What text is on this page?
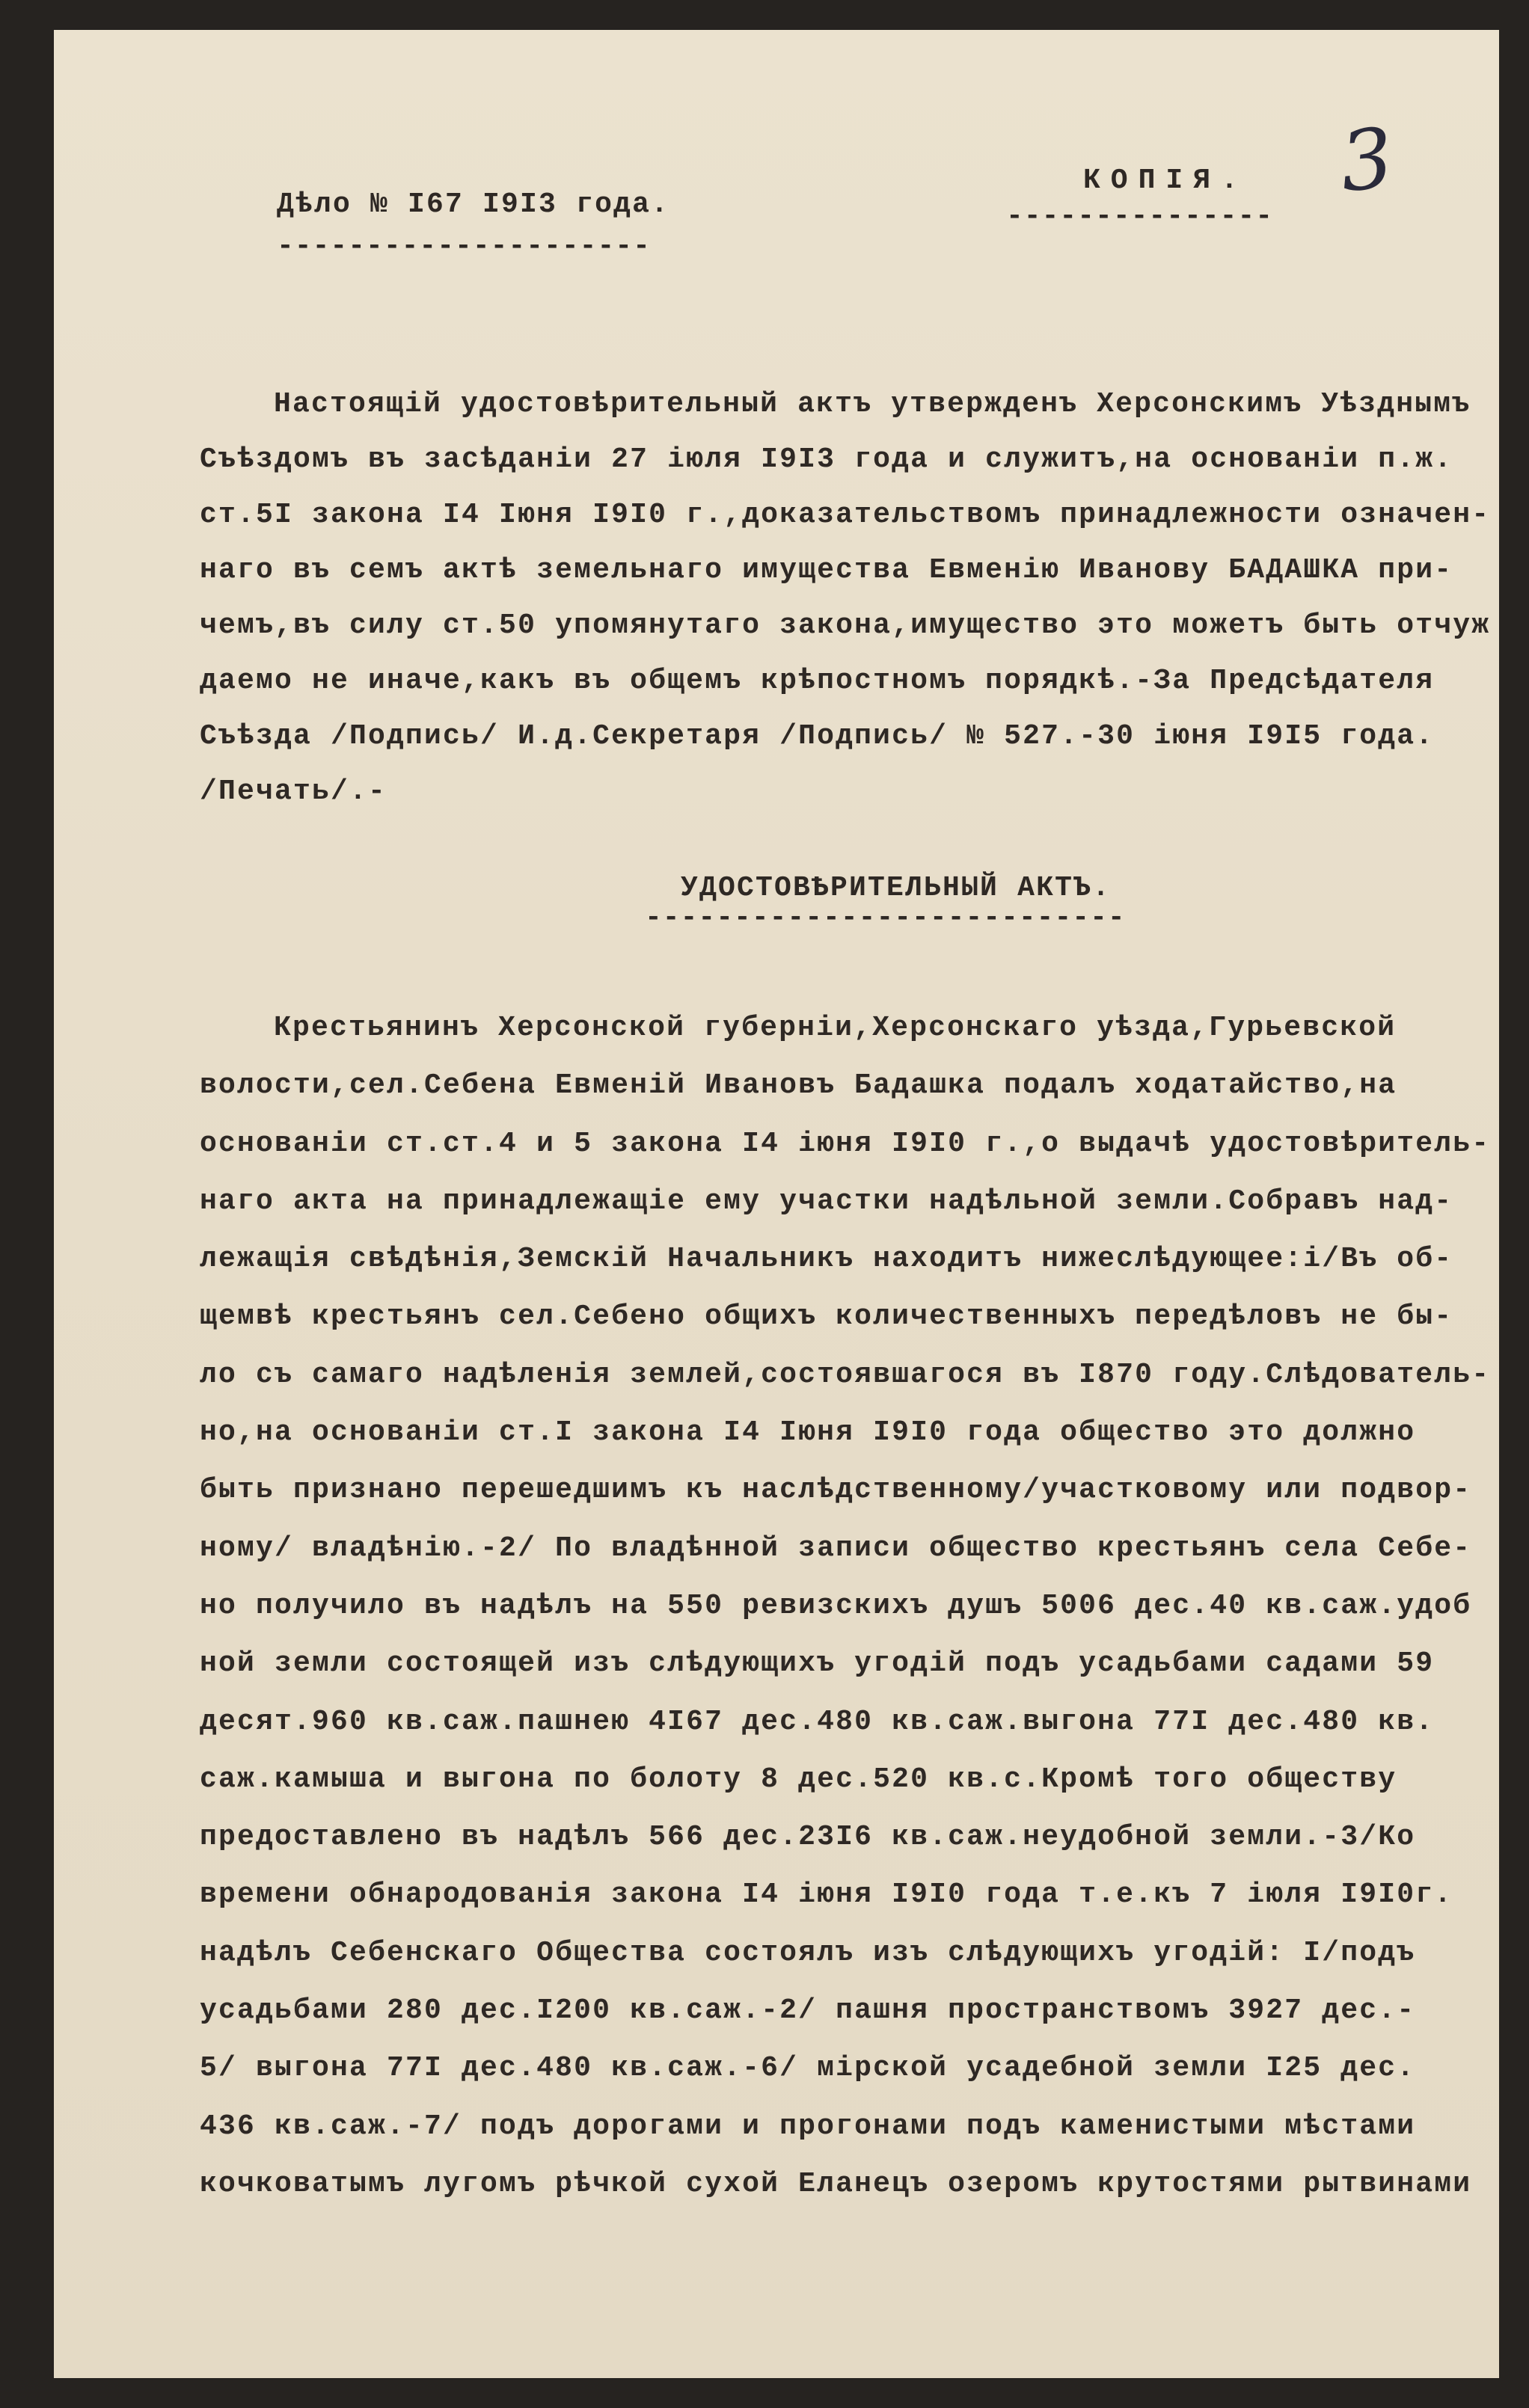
Дѣло № I67 I9I3 года.
---------------------
КОПІЯ.
---------------
3
Настоящій удостовѣрительный актъ утвержденъ Херсонскимъ Уѣзднымъ
Съѣздомъ въ засѣданіи 27 іюля I9I3 года и служитъ,на основаніи п.ж.
ст.5I закона I4 Іюня I9I0 г.,доказательствомъ принадлежности означен-
наго въ семъ актѣ земельнаго имущества Евменію Иванову БАДАШКА при-
чемъ,въ силу ст.50 упомянутаго закона,имущество это можетъ быть отчуж
даемо не иначе,какъ въ общемъ крѣпостномъ порядкѣ.-За Предсѣдателя
Съѣзда /Подпись/ И.д.Секретаря /Подпись/ № 527.-30 іюня I9I5 года.
/Печать/.-
УДОСТОВѢРИТЕЛЬНЫЙ АКТЪ.
---------------------------
Крестьянинъ Херсонской губерніи,Херсонскаго уѣзда,Гурьевской
волости,сел.Себена Евменій Ивановъ Бадашка подалъ ходатайство,на
основаніи ст.ст.4 и 5 закона I4 іюня I9I0 г.,о выдачѣ удостовѣритель-
наго акта на принадлежащіе ему участки надѣльной земли.Собравъ над-
лежащія свѣдѣнія,Земскій Начальникъ находитъ нижеслѣдующее:i/Въ об-
щемвѣ крестьянъ сел.Себено общихъ количественныхъ передѣловъ не бы-
ло съ самаго надѣленія землей,состоявшагося въ I870 году.Слѣдователь-
но,на основаніи ст.I закона I4 Іюня I9I0 года общество это должно
быть признано перешедшимъ къ наслѣдственному/участковому или подвор-
ному/ владѣнію.-2/ По владѣнной записи общество крестьянъ села Себе-
но получило въ надѣлъ на 550 ревизскихъ душъ 5006 дес.40 кв.саж.удоб
ной земли состоящей изъ слѣдующихъ угодій подъ усадьбами садами 59
десят.960 кв.саж.пашнею 4I67 дес.480 кв.саж.выгона 77I дес.480 кв.
саж.камыша и выгона по болоту 8 дес.520 кв.с.Кромѣ того обществу
предоставлено въ надѣлъ 566 дес.23I6 кв.саж.неудобной земли.-3/Ко
времени обнародованія закона I4 іюня I9I0 года т.е.къ 7 іюля I9I0г.
надѣлъ Себенскаго Общества состоялъ изъ слѣдующихъ угодій: I/подъ
усадьбами 280 дес.I200 кв.саж.-2/ пашня пространствомъ 3927 дес.-
5/ выгона 77I дес.480 кв.саж.-6/ мірской усадебной земли I25 дес.
436 кв.саж.-7/ подъ дорогами и прогонами подъ каменистыми мѣстами
кочковатымъ лугомъ рѣчкой сухой Еланецъ озеромъ крутостями рытвинами
